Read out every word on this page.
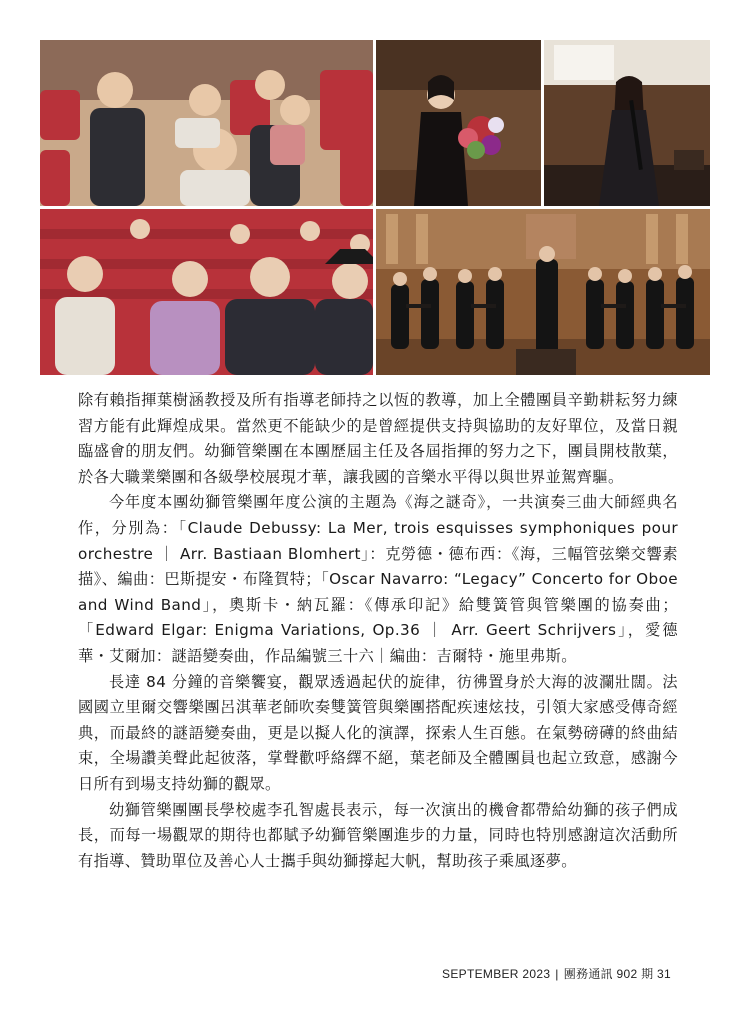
除有賴指揮葉樹涵教授及所有指導老師持之以恆的教導，加上全體團員辛勤耕耘努力練習方能有此輝煌成果。當然更不能缺少的是曾經提供支持與協助的友好單位，及當日親臨盛會的朋友們。幼獅管樂團在本團歷屆主任及各屆指揮的努力之下，團員開枝散葉，於各大職業樂團和各級學校展現才華，讓我國的音樂水平得以與世界並駕齊驅。

今年度本團幼獅管樂團年度公演的主題為《海之謎奇》，一共演奏三曲大師經典名作，分別為：「Claude Debussy: La Mer, trois esquisses symphoniques pour orchestre ｜ Arr. Bastiaan Blomhert」：克勞德・德布西：《海，三幅管弦樂交響素描》、編曲：巴斯提安・布隆賀特；「Oscar Navarro: “Legacy” Concerto for Oboe and Wind Band」，奧斯卡・納瓦羅：《傳承印記》給雙簧管與管樂團的協奏曲；「Edward Elgar: Enigma Variations, Op.36 ｜ Arr. Geert Schrijvers」，愛德華・艾爾加：謎語變奏曲，作品編號三十六｜編曲：吉爾特・施里弗斯。

長達 84 分鐘的音樂饗宴，觀眾透過起伏的旋律，彷彿置身於大海的波瀾壯闊。法國國立里爾交響樂團呂淇華老師吹奏雙簧管與樂團搭配疾速炫技，引領大家感受傳奇經典，而最終的謎語變奏曲，更是以擬人化的演譯，探索人生百態。在氣勢磅礡的終曲結束，全場讚美聲此起彼落，掌聲歡呼絡繹不絕，葉老師及全體團員也起立致意，感謝今日所有到場支持幼獅的觀眾。

幼獅管樂團團長學校處李孔智處長表示，每一次演出的機會都帶給幼獅的孩子們成長，而每一場觀眾的期待也都賦予幼獅管樂團進步的力量，同時也特別感謝這次活動所有指導、贊助單位及善心人士攜手與幼獅撐起大帆，幫助孩子乘風逐夢。

SEPTEMBER 2023 | 團務通訊 902 期 31
